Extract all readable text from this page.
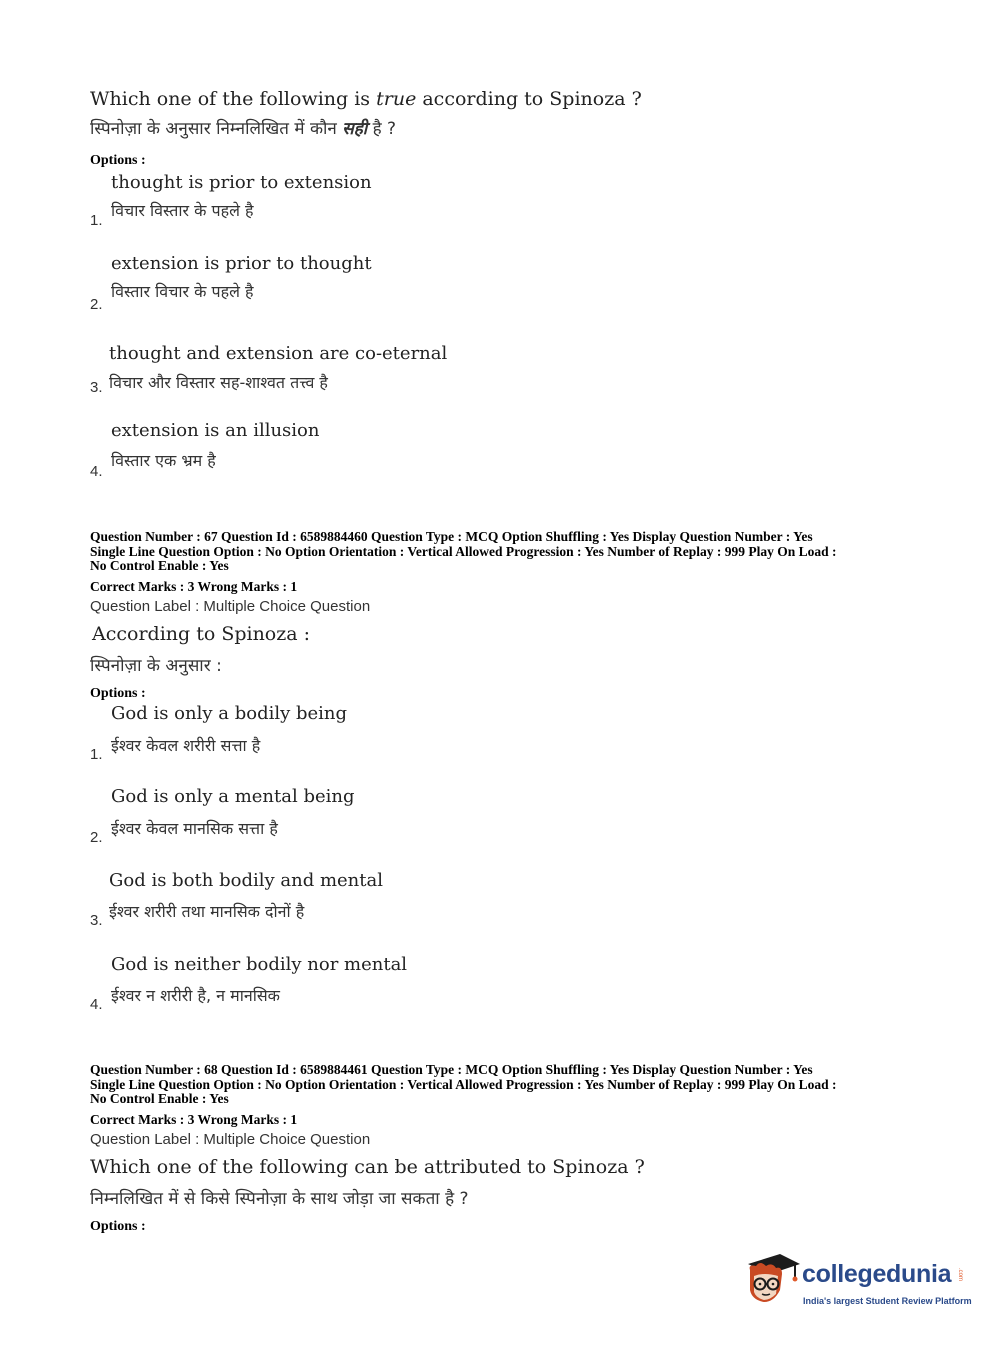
Which one of the following is true according to Spinoza ?
स्पिनोज़ा के अनुसार निम्नलिखित में कौन सही है ?
Options :
thought is prior to extension
विचार विस्तार के पहले है
1.
extension is prior to thought
विस्तार विचार के पहले है
2.
thought and extension are co-eternal
विचार और विस्तार सह-शाश्वत तत्त्व है
3.
extension is an illusion
विस्तार एक भ्रम है
4.
Question Number : 67 Question Id : 6589884460 Question Type : MCQ Option Shuffling : Yes Display Question Number : Yes
Single Line Question Option : No Option Orientation : Vertical Allowed Progression : Yes Number of Replay : 999 Play On Load :
No Control Enable : Yes
Correct Marks : 3 Wrong Marks : 1
Question Label : Multiple Choice Question
According to Spinoza :
स्पिनोज़ा के अनुसार :
Options :
God is only a bodily being
ईश्वर केवल शरीरी सत्ता है
1.
God is only a mental being
ईश्वर केवल मानसिक सत्ता है
2.
God is both bodily and mental
ईश्वर शरीरी तथा मानसिक दोनों है
3.
God is neither bodily nor mental
ईश्वर न शरीरी है, न मानसिक
4.
Question Number : 68 Question Id : 6589884461 Question Type : MCQ Option Shuffling : Yes Display Question Number : Yes
Single Line Question Option : No Option Orientation : Vertical Allowed Progression : Yes Number of Replay : 999 Play On Load :
No Control Enable : Yes
Correct Marks : 3 Wrong Marks : 1
Question Label : Multiple Choice Question
Which one of the following can be attributed to Spinoza ?
निम्नलिखित में से किसे स्पिनोज़ा के साथ जोड़ा जा सकता है ?
Options :
collegedunia .com
India's largest Student Review Platform
